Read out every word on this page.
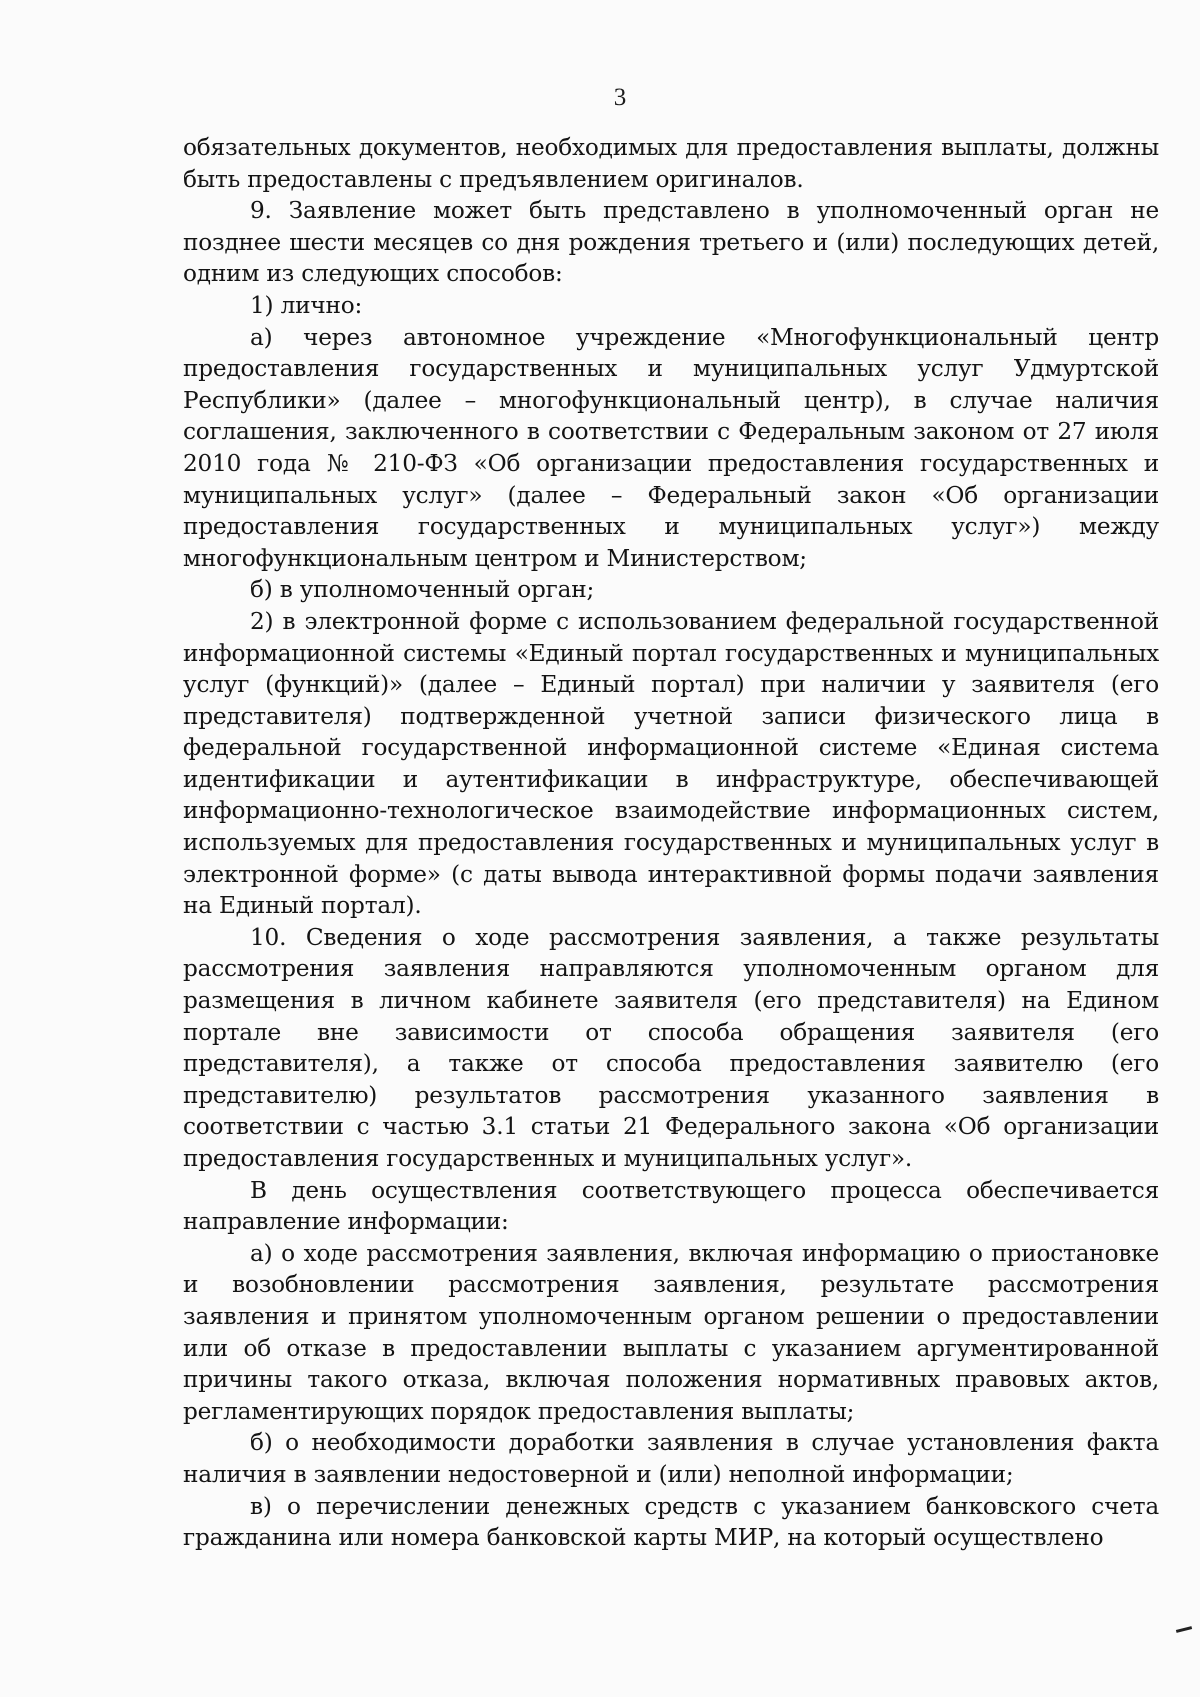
3

обязательных документов, необходимых для предоставления выплаты, должны быть предоставлены с предъявлением оригиналов.

9. Заявление может быть представлено в уполномоченный орган не позднее шести месяцев со дня рождения третьего и (или) последующих детей, одним из следующих способов:

1) лично:

а) через автономное учреждение «Многофункциональный центр предоставления государственных и муниципальных услуг Удмуртской Республики» (далее – многофункциональный центр), в случае наличия соглашения, заключенного в соответствии с Федеральным законом от 27 июля 2010 года № 210-ФЗ «Об организации предоставления государственных и муниципальных услуг» (далее – Федеральный закон «Об организации предоставления государственных и муниципальных услуг») между многофункциональным центром и Министерством;

б) в уполномоченный орган;

2) в электронной форме с использованием федеральной государственной информационной системы «Единый портал государственных и муниципальных услуг (функций)» (далее – Единый портал) при наличии у заявителя (его представителя) подтвержденной учетной записи физического лица в федеральной государственной информационной системе «Единая система идентификации и аутентификации в инфраструктуре, обеспечивающей информационно-технологическое взаимодействие информационных систем, используемых для предоставления государственных и муниципальных услуг в электронной форме» (с даты вывода интерактивной формы подачи заявления на Единый портал).

10. Сведения о ходе рассмотрения заявления, а также результаты рассмотрения заявления направляются уполномоченным органом для размещения в личном кабинете заявителя (его представителя) на Едином портале вне зависимости от способа обращения заявителя (его представителя), а также от способа предоставления заявителю (его представителю) результатов рассмотрения указанного заявления в соответствии с частью 3.1 статьи 21 Федерального закона «Об организации предоставления государственных и муниципальных услуг».

В день осуществления соответствующего процесса обеспечивается направление информации:

а) о ходе рассмотрения заявления, включая информацию о приостановке и возобновлении рассмотрения заявления, результате рассмотрения заявления и принятом уполномоченным органом решении о предоставлении или об отказе в предоставлении выплаты с указанием аргументированной причины такого отказа, включая положения нормативных правовых актов, регламентирующих порядок предоставления выплаты;

б) о необходимости доработки заявления в случае установления факта наличия в заявлении недостоверной и (или) неполной информации;

в) о перечислении денежных средств с указанием банковского счета гражданина или номера банковской карты МИР, на который осуществлено
